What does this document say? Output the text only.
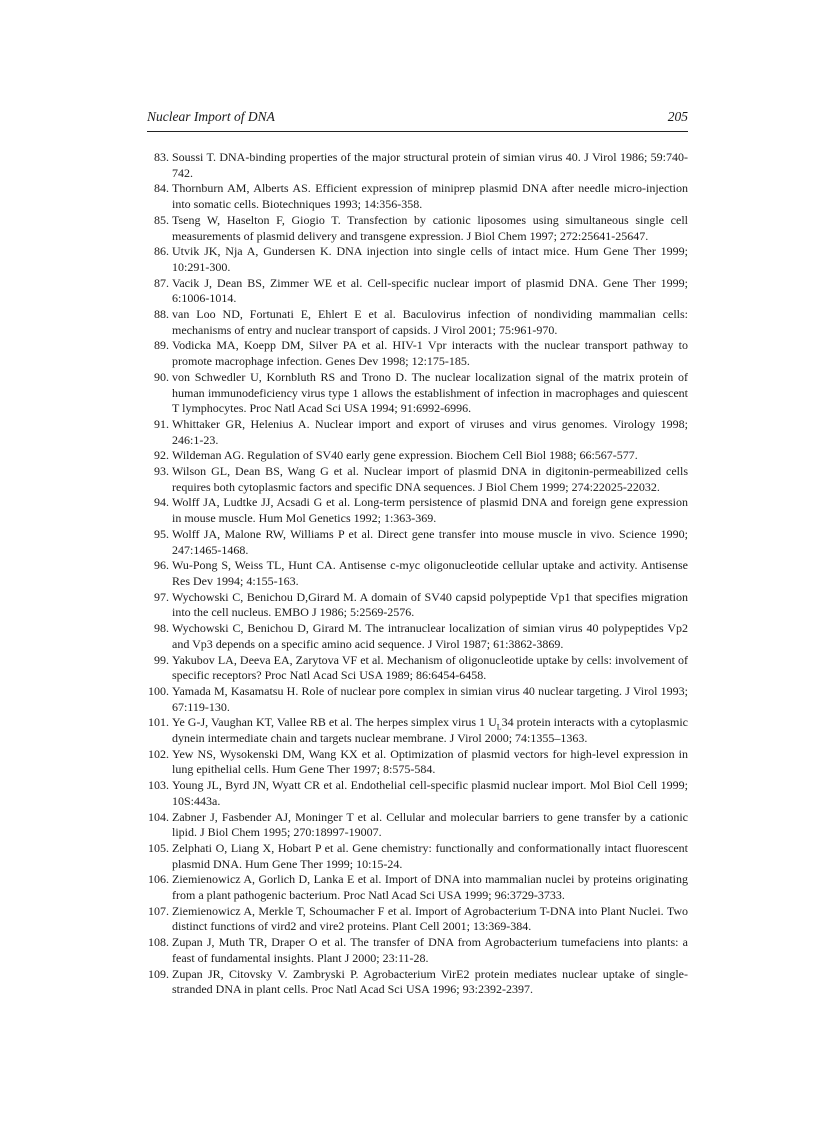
Nuclear Import of DNA	205
83. Soussi T. DNA-binding properties of the major structural protein of simian virus 40. J Virol 1986; 59:740-742.
84. Thornburn AM, Alberts AS. Efficient expression of miniprep plasmid DNA after needle micro-injection into somatic cells. Biotechniques 1993; 14:356-358.
85. Tseng W, Haselton F, Giogio T. Transfection by cationic liposomes using simultaneous single cell measurements of plasmid delivery and transgene expression. J Biol Chem 1997; 272:25641-25647.
86. Utvik JK, Nja A, Gundersen K. DNA injection into single cells of intact mice. Hum Gene Ther 1999; 10:291-300.
87. Vacik J, Dean BS, Zimmer WE et al. Cell-specific nuclear import of plasmid DNA. Gene Ther 1999; 6:1006-1014.
88. van Loo ND, Fortunati E, Ehlert E et al. Baculovirus infection of nondividing mammalian cells: mechanisms of entry and nuclear transport of capsids. J Virol 2001; 75:961-970.
89. Vodicka MA, Koepp DM, Silver PA et al. HIV-1 Vpr interacts with the nuclear transport pathway to promote macrophage infection. Genes Dev 1998; 12:175-185.
90. von Schwedler U, Kornbluth RS and Trono D. The nuclear localization signal of the matrix protein of human immunodeficiency virus type 1 allows the establishment of infection in macrophages and quiescent T lymphocytes. Proc Natl Acad Sci USA 1994; 91:6992-6996.
91. Whittaker GR, Helenius A. Nuclear import and export of viruses and virus genomes. Virology 1998; 246:1-23.
92. Wildeman AG. Regulation of SV40 early gene expression. Biochem Cell Biol 1988; 66:567-577.
93. Wilson GL, Dean BS, Wang G et al. Nuclear import of plasmid DNA in digitonin-permeabilized cells requires both cytoplasmic factors and specific DNA sequences. J Biol Chem 1999; 274:22025-22032.
94. Wolff JA, Ludtke JJ, Acsadi G et al. Long-term persistence of plasmid DNA and foreign gene expression in mouse muscle. Hum Mol Genetics 1992; 1:363-369.
95. Wolff JA, Malone RW, Williams P et al. Direct gene transfer into mouse muscle in vivo. Science 1990; 247:1465-1468.
96. Wu-Pong S, Weiss TL, Hunt CA. Antisense c-myc oligonucleotide cellular uptake and activity. Antisense Res Dev 1994; 4:155-163.
97. Wychowski C, Benichou D,Girard M. A domain of SV40 capsid polypeptide Vp1 that specifies migration into the cell nucleus. EMBO J 1986; 5:2569-2576.
98. Wychowski C, Benichou D, Girard M. The intranuclear localization of simian virus 40 polypeptides Vp2 and Vp3 depends on a specific amino acid sequence. J Virol 1987; 61:3862-3869.
99. Yakubov LA, Deeva EA, Zarytova VF et al. Mechanism of oligonucleotide uptake by cells: involvement of specific receptors? Proc Natl Acad Sci USA 1989; 86:6454-6458.
100. Yamada M, Kasamatsu H. Role of nuclear pore complex in simian virus 40 nuclear targeting. J Virol 1993; 67:119-130.
101. Ye G-J, Vaughan KT, Vallee RB et al. The herpes simplex virus 1 $U_L34$ protein interacts with a cytoplasmic dynein intermediate chain and targets nuclear membrane. J Virol 2000; 74:1355–1363.
102. Yew NS, Wysokenski DM, Wang KX et al. Optimization of plasmid vectors for high-level expression in lung epithelial cells. Hum Gene Ther 1997; 8:575-584.
103. Young JL, Byrd JN, Wyatt CR et al. Endothelial cell-specific plasmid nuclear import. Mol Biol Cell 1999; 10S:443a.
104. Zabner J, Fasbender AJ, Moninger T et al. Cellular and molecular barriers to gene transfer by a cationic lipid. J Biol Chem 1995; 270:18997-19007.
105. Zelphati O, Liang X, Hobart P et al. Gene chemistry: functionally and conformationally intact fluorescent plasmid DNA. Hum Gene Ther 1999; 10:15-24.
106. Ziemienowicz A, Gorlich D, Lanka E et al. Import of DNA into mammalian nuclei by proteins originating from a plant pathogenic bacterium. Proc Natl Acad Sci USA 1999; 96:3729-3733.
107. Ziemienowicz A, Merkle T, Schoumacher F et al. Import of Agrobacterium T-DNA into Plant Nuclei. Two distinct functions of vird2 and vire2 proteins. Plant Cell 2001; 13:369-384.
108. Zupan J, Muth TR, Draper O et al. The transfer of DNA from Agrobacterium tumefaciens into plants: a feast of fundamental insights. Plant J 2000; 23:11-28.
109. Zupan JR, Citovsky V. Zambryski P. Agrobacterium VirE2 protein mediates nuclear uptake of single-stranded DNA in plant cells. Proc Natl Acad Sci USA 1996; 93:2392-2397.
